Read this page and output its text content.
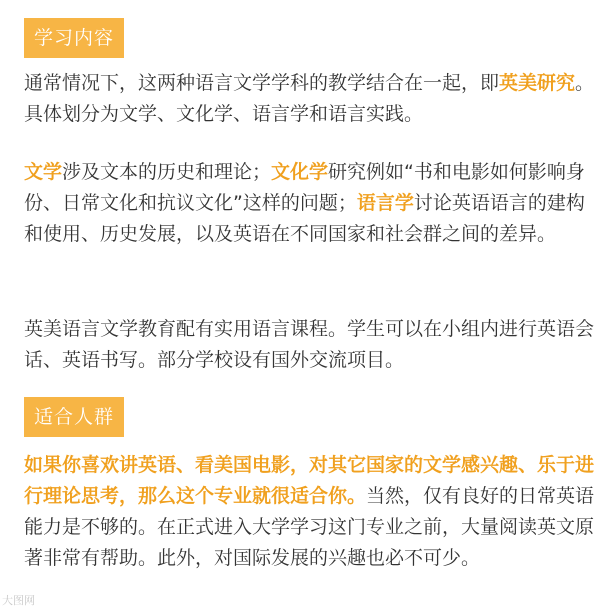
学习内容

通常情况下，这两种语言文学学科的教学结合在一起，即英美研究。具体划分为文学、文化学、语言学和语言实践。

文学涉及文本的历史和理论；文化学研究例如“书和电影如何影响身份、日常文化和抗议文化”这样的问题；语言学讨论英语语言的建构和使用、历史发展，以及英语在不同国家和社会群之间的差异。

英美语言文学教育配有实用语言课程。学生可以在小组内进行英语会话、英语书写。部分学校设有国外交流项目。

适合人群

如果你喜欢讲英语、看美国电影，对其它国家的文学感兴趣、乐于进行理论思考，那么这个专业就很适合你。当然，仅有良好的日常英语能力是不够的。在正式进入大学学习这门专业之前，大量阅读英文原著非常有帮助。此外，对国际发展的兴趣也必不可少。

大图网
